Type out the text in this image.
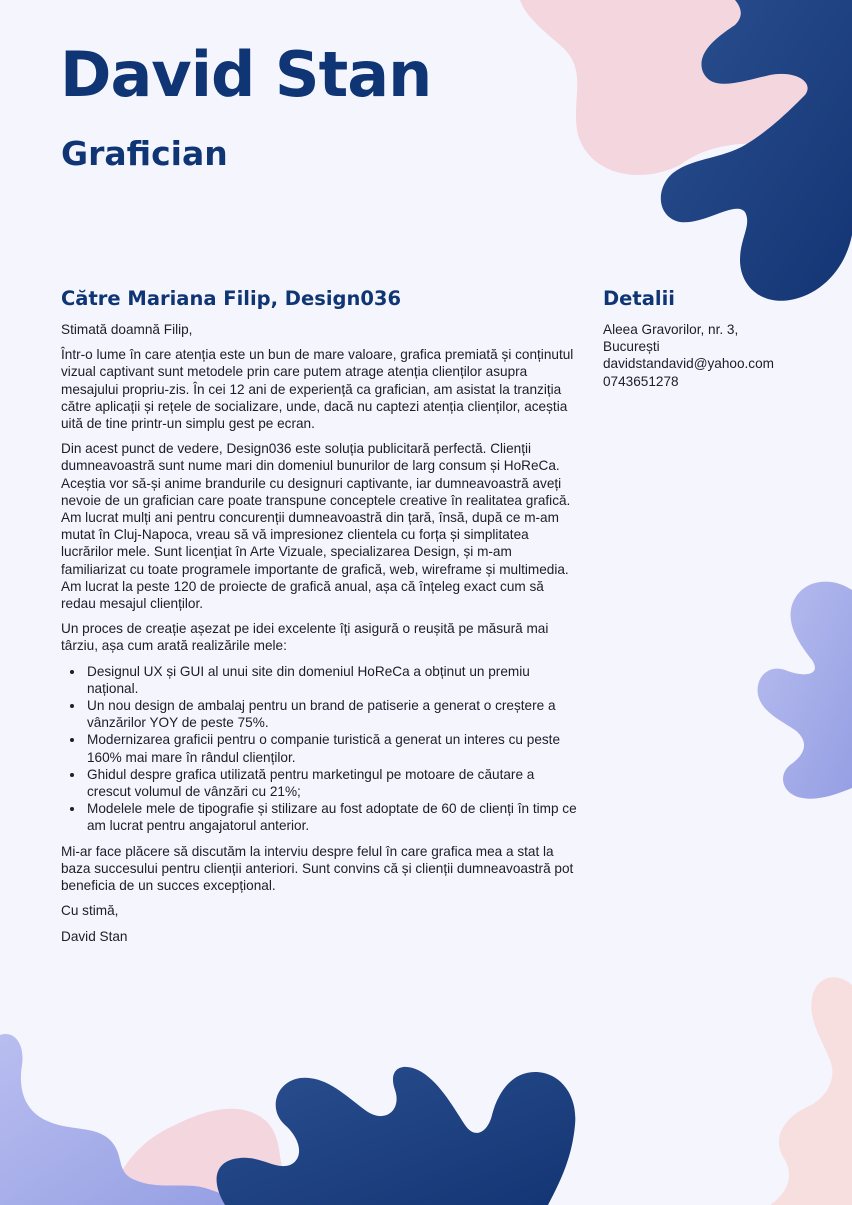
David Stan
Grafician
Către Mariana Filip, Design036

Stimată doamnă Filip,

Într-o lume în care atenția este un bun de mare valoare, grafica premiată și conținutul vizual captivant sunt metodele prin care putem atrage atenția clienților asupra mesajului propriu-zis. În cei 12 ani de experiență ca grafician, am asistat la tranziția către aplicații și rețele de socializare, unde, dacă nu captezi atenția clienților, aceștia uită de tine printr-un simplu gest pe ecran.

Din acest punct de vedere, Design036 este soluția publicitară perfectă. Clienții dumneavoastră sunt nume mari din domeniul bunurilor de larg consum și HoReCa. Aceștia vor să-și anime brandurile cu designuri captivante, iar dumneavoastră aveți nevoie de un grafician care poate transpune conceptele creative în realitatea grafică. Am lucrat mulți ani pentru concurenții dumneavoastră din țară, însă, după ce m-am mutat în Cluj-Napoca, vreau să vă impresionez clientela cu forța și simplitatea lucrărilor mele. Sunt licențiat în Arte Vizuale, specializarea Design, și m-am familiarizat cu toate programele importante de grafică, web, wireframe și multimedia. Am lucrat la peste 120 de proiecte de grafică anual, așa că înțeleg exact cum să redau mesajul clienților.

Un proces de creație așezat pe idei excelente îți asigură o reușită pe măsură mai târziu, așa cum arată realizările mele:

• Designul UX și GUI al unui site din domeniul HoReCa a obținut un premiu național.
• Un nou design de ambalaj pentru un brand de patiserie a generat o creștere a vânzărilor YOY de peste 75%.
• Modernizarea graficii pentru o companie turistică a generat un interes cu peste 160% mai mare în rândul clienților.
• Ghidul despre grafica utilizată pentru marketingul pe motoare de căutare a crescut volumul de vânzări cu 21%;
• Modelele mele de tipografie și stilizare au fost adoptate de 60 de clienți în timp ce am lucrat pentru angajatorul anterior.

Mi-ar face plăcere să discutăm la interviu despre felul în care grafica mea a stat la baza succesului pentru clienții anteriori. Sunt convins că și clienții dumneavoastră pot beneficia de un succes excepțional.

Cu stimă,

David Stan

Detalii
Aleea Gravorilor, nr. 3,
București
davidstandavid@yahoo.com
0743651278
